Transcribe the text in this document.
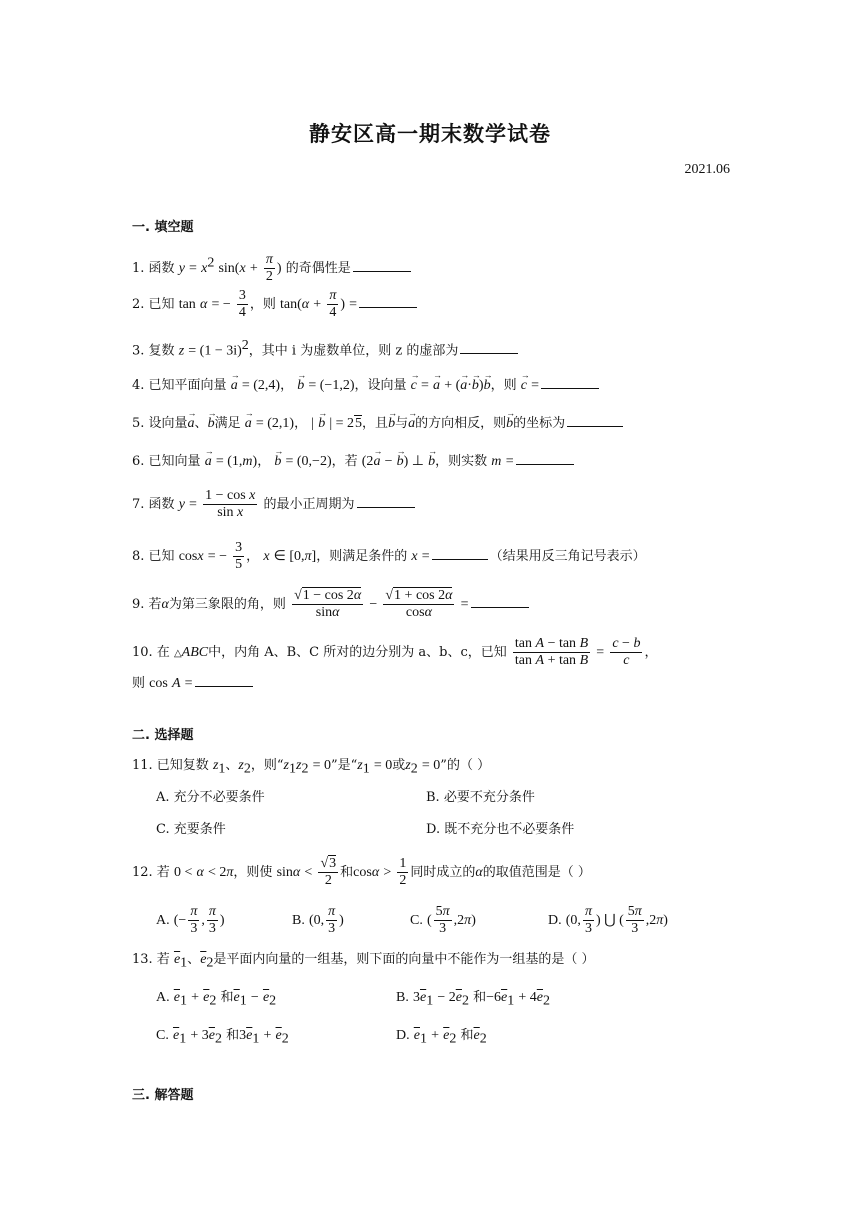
静安区高一期末数学试卷
2021.06
一. 填空题
1. 函数 $y = x^2$ $\sin(x + \frac{\pi}{2}$ ) 的奇偶性是
2. 已知 tan α = − $\frac{3}{4}$ ，则 $\tan(\alpha + \frac{\pi}{4}$ ) =
3. 复数 $z = (1 - 3i)^2$，其中 i 为虚数单位，则 z 的虚部为
4. 已知平面向量 → a = (2,4)， → b = (−1,2)，设向量 → c = → a + (→ a·→ b)→ b，则 → c =
5. 设向量→ a、→ b满足 → a = (2,1)， | → b | = 25，且→ b与→ a的方向相反，则→ b的坐标为
6. 已知向量 → a = (1,m)， → b = (0,−2)，若 (2→ a − → b) ⊥ → b，则实数 m =
7. 函数 $y = \frac{\text{1 − cos x}}{\text{sin x}}$ 的最小正周期为
8. 已知 cosx = − $\frac{3}{5}$ ， x ∈ [0,π]，则满足条件的 x =	（结果用反三角记号表示）
9. 若α为第三象限的角，则 $\frac{√1 - \cos 2\alpha}{\sin\alpha} - \frac{√1 + \cos 2\alpha}{\cos\alpha}$ =
10. 在 △ABC中，内角 A、B、C 所对的边分别为 a、b、c，已知 $\frac{\text{tan A − tan B}}{\text{tan A + tan B}} = \frac{c - b}{c}$ ，
则 cos A =
二. 选择题
11. 已知复数 $z_1$、$z_2$，则“$z_1z_2 = 0$”是“$z_1 = 0$或$z_2 = 0$”的（ ）
A. 充分不必要条件	B. 必要不充分条件
C. 充要条件	D. 既不充分也不必要条件
12. 若 0 < α < 2π，则使 $\sin\alpha < \frac{√3}{2}$ 和$\cos\alpha > \frac{1}{2}$ 同时成立的α的取值范围是（ ）
A. (− $\frac{\pi}{3}$ , $\frac{\pi}{3}$ )	B. (0, $\frac{\pi}{3}$ )	C. ( $\frac{5\pi}{3} ,2\pi$)	D. (0, $\frac{\pi}{3}$ ) ⋃ ( $\frac{5\pi}{3} ,2\pi$)
13. 若 $\overline{e}_1$、$\overline{e}_2$是平面内向量的一组基，则下面的向量中不能作为一组基的是（ ）
A. $\overline{e}_1 + \overline{e}_2$ 和$\overline{e}_1 - \overline{e}_2$	B. $3\overline{e}_1 - 2\overline{e}_2$ 和$-6\overline{e}_1 + 4\overline{e}_2$
C. $\overline{e}_1 + 3\overline{e}_2$ 和$3\overline{e}_1 + \overline{e}_2$	D. $\overline{e}_1 + \overline{e}_2$ 和$\overline{e}_2$
三. 解答题
